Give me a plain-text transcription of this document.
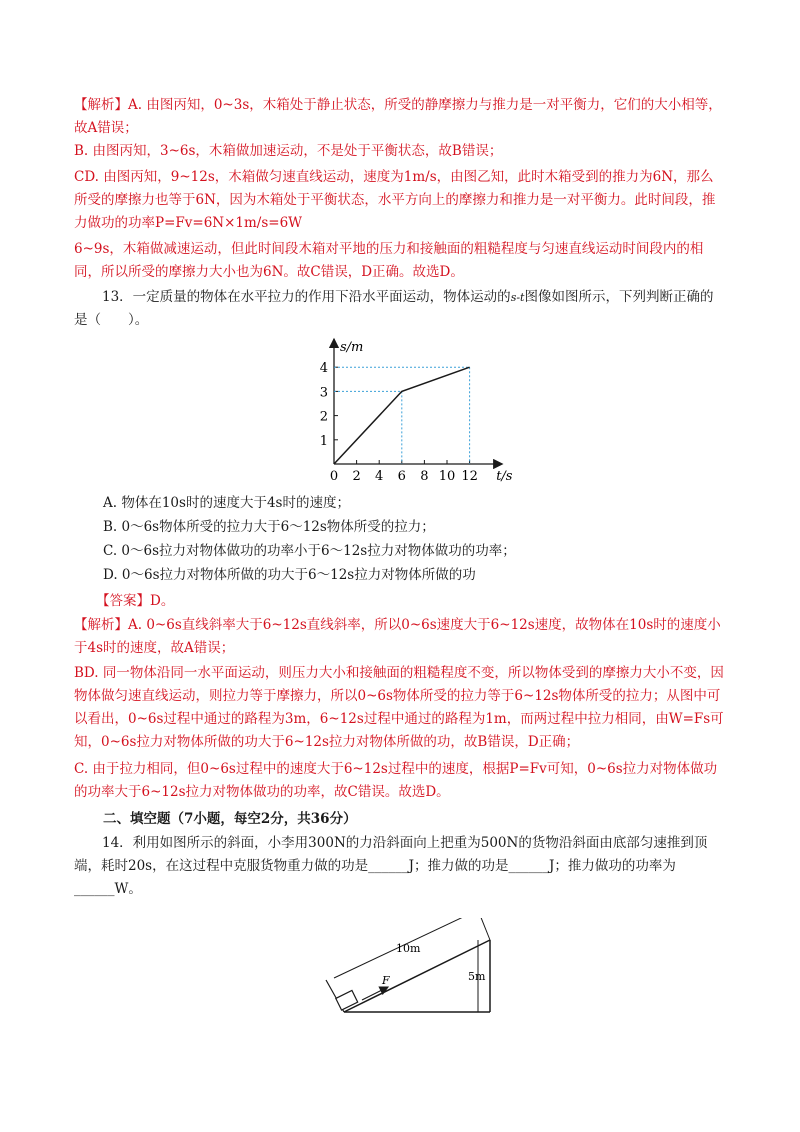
【解析】A. 由图丙知，0~3s，木箱处于静止状态，所受的静摩擦力与推力是一对平衡力，它们的大小相等，故A错误；

B. 由图丙知，3~6s，木箱做加速运动，不是处于平衡状态，故B错误；

CD. 由图丙知，9~12s，木箱做匀速直线运动，速度为1m/s，由图乙知，此时木箱受到的推力为6N，那么所受的摩擦力也等于6N，因为木箱处于平衡状态，水平方向上的摩擦力和推力是一对平衡力。此时间段，推力做功的功率P=Fv=6N×1m/s=6W

6~9s，木箱做减速运动，但此时间段木箱对平地的压力和接触面的粗糙程度与匀速直线运动时间段内的相同，所以所受的摩擦力大小也为6N。故C错误，D正确。故选D。

13．一定质量的物体在水平拉力的作用下沿水平面运动，物体运动的s-t图像如图所示，下列判断正确的是（　　）。

0 2 4 6 8 10 12
1
2
3
4
t/s
s/m

A. 物体在10s时的速度大于4s时的速度；

B. 0～6s物体所受的拉力大于6～12s物体所受的拉力；

C. 0～6s拉力对物体做功的功率小于6～12s拉力对物体做功的功率；

D. 0～6s拉力对物体所做的功大于6～12s拉力对物体所做的功

【答案】D。

【解析】A. 0~6s直线斜率大于6~12s直线斜率，所以0~6s速度大于6~12s速度，故物体在10s时的速度小于4s时的速度，故A错误；

BD. 同一物体沿同一水平面运动，则压力大小和接触面的粗糙程度不变，所以物体受到的摩擦力大小不变，因物体做匀速直线运动，则拉力等于摩擦力，所以0~6s物体所受的拉力等于6~12s物体所受的拉力；从图中可以看出，0~6s过程中通过的路程为3m，6~12s过程中通过的路程为1m，而两过程中拉力相同，由W=Fs可知，0~6s拉力对物体所做的功大于6~12s拉力对物体所做的功，故B错误，D正确；

C. 由于拉力相同，但0~6s过程中的速度大于6~12s过程中的速度，根据P=Fv可知，0~6s拉力对物体做功的功率大于6~12s拉力对物体做功的功率，故C错误。故选D。

二、填空题（7小题，每空2分，共36分）

14．利用如图所示的斜面，小李用300N的力沿斜面向上把重为500N的货物沿斜面由底部匀速推到顶端，耗时20s，在这过程中克服货物重力做的功是______J；推力做的功是______J；推力做功的功率为______W。

F
10m
5m
